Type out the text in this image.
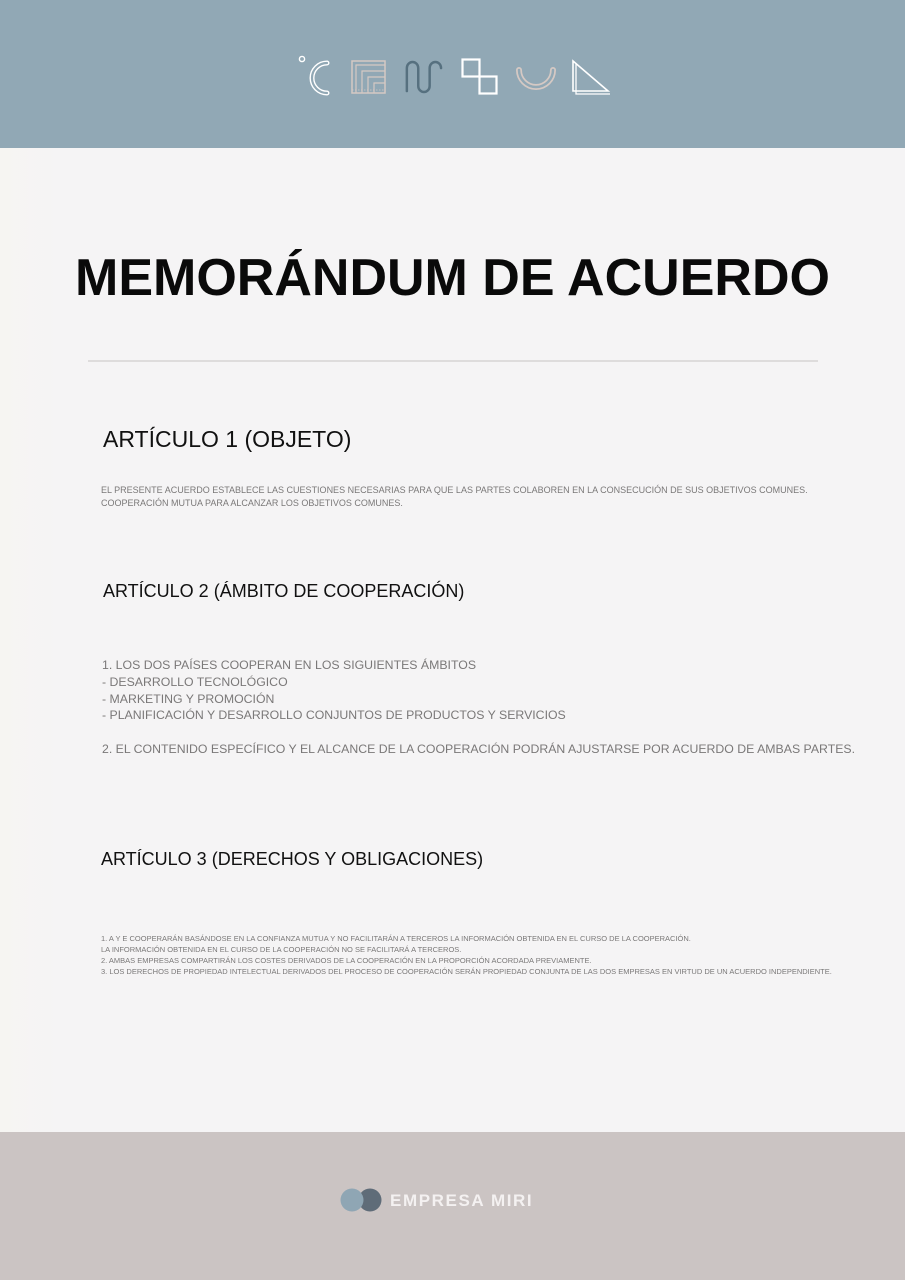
MEMORÁNDUM DE ACUERDO
ARTÍCULO 1 (OBJETO)
EL PRESENTE ACUERDO ESTABLECE LAS CUESTIONES NECESARIAS PARA QUE LAS PARTES COLABOREN EN LA CONSECUCIÓN DE SUS OBJETIVOS COMUNES.
COOPERACIÓN MUTUA PARA ALCANZAR LOS OBJETIVOS COMUNES.
ARTÍCULO 2 (ÁMBITO DE COOPERACIÓN)
1. LOS DOS PAÍSES COOPERAN EN LOS SIGUIENTES ÁMBITOS
- DESARROLLO TECNOLÓGICO
- MARKETING Y PROMOCIÓN
- PLANIFICACIÓN Y DESARROLLO CONJUNTOS DE PRODUCTOS Y SERVICIOS
2. EL CONTENIDO ESPECÍFICO Y EL ALCANCE DE LA COOPERACIÓN PODRÁN AJUSTARSE POR ACUERDO DE AMBAS PARTES.
ARTÍCULO 3 (DERECHOS Y OBLIGACIONES)
1. A Y E COOPERARÁN BASÁNDOSE EN LA CONFIANZA MUTUA Y NO FACILITARÁN A TERCEROS LA INFORMACIÓN OBTENIDA EN EL CURSO DE LA COOPERACIÓN.
LA INFORMACIÓN OBTENIDA EN EL CURSO DE LA COOPERACIÓN NO SE FACILITARÁ A TERCEROS.
2. AMBAS EMPRESAS COMPARTIRÁN LOS COSTES DERIVADOS DE LA COOPERACIÓN EN LA PROPORCIÓN ACORDADA PREVIAMENTE.
3. LOS DERECHOS DE PROPIEDAD INTELECTUAL DERIVADOS DEL PROCESO DE COOPERACIÓN SERÁN PROPIEDAD CONJUNTA DE LAS DOS EMPRESAS EN VIRTUD DE UN ACUERDO INDEPENDIENTE.
EMPRESA MIRI
